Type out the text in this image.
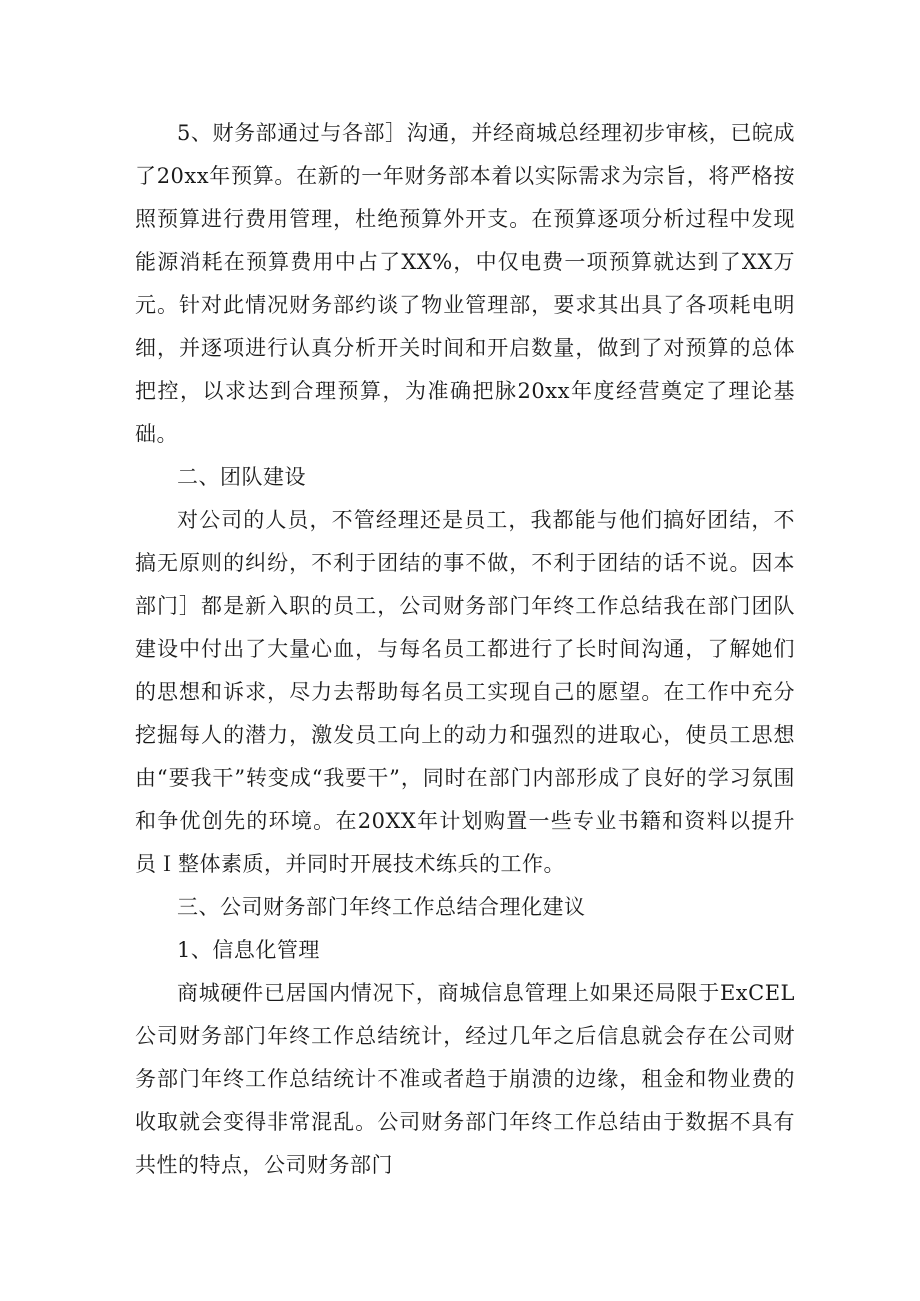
5、财务部通过与各部］沟通，并经商城总经理初步审核，已皖成了20xx年预算。在新的一年财务部本着以实际需求为宗旨，将严格按照预算进行费用管理，杜绝预算外开支。在预算逐项分析过程中发现能源消耗在预算费用中占了XX%，中仅电费一项预算就达到了XX万元。针对此情况财务部约谈了物业管理部，要求其出具了各项耗电明细，并逐项进行认真分析开关时间和开启数量，做到了对预算的总体把控，以求达到合理预算，为准确把脉20xx年度经营奠定了理论基础。

二、团队建设

对公司的人员，不管经理还是员工，我都能与他们搞好团结，不搞无原则的纠纷，不利于团结的事不做，不利于团结的话不说。因本部门］都是新入职的员工，公司财务部门年终工作总结我在部门团队建设中付出了大量心血，与每名员工都进行了长时间沟通，了解她们的思想和诉求，尽力去帮助每名员工实现自己的愿望。在工作中充分挖掘每人的潜力，激发员工向上的动力和强烈的进取心，使员工思想由“要我干”转变成“我要干”，同时在部门内部形成了良好的学习氛围和争优创先的环境。在20XX年计划购置一些专业书籍和资料以提升员Ｉ整体素质，并同时开展技术练兵的工作。

三、公司财务部门年终工作总结合理化建议

1、信息化管理

商城硬件已居国内情况下，商城信息管理上如果还局限于ExCEL公司财务部门年终工作总结统计，经过几年之后信息就会存在公司财务部门年终工作总结统计不准或者趋于崩溃的边缘，租金和物业费的收取就会变得非常混乱。公司财务部门年终工作总结由于数据不具有共性的特点，公司财务部门
